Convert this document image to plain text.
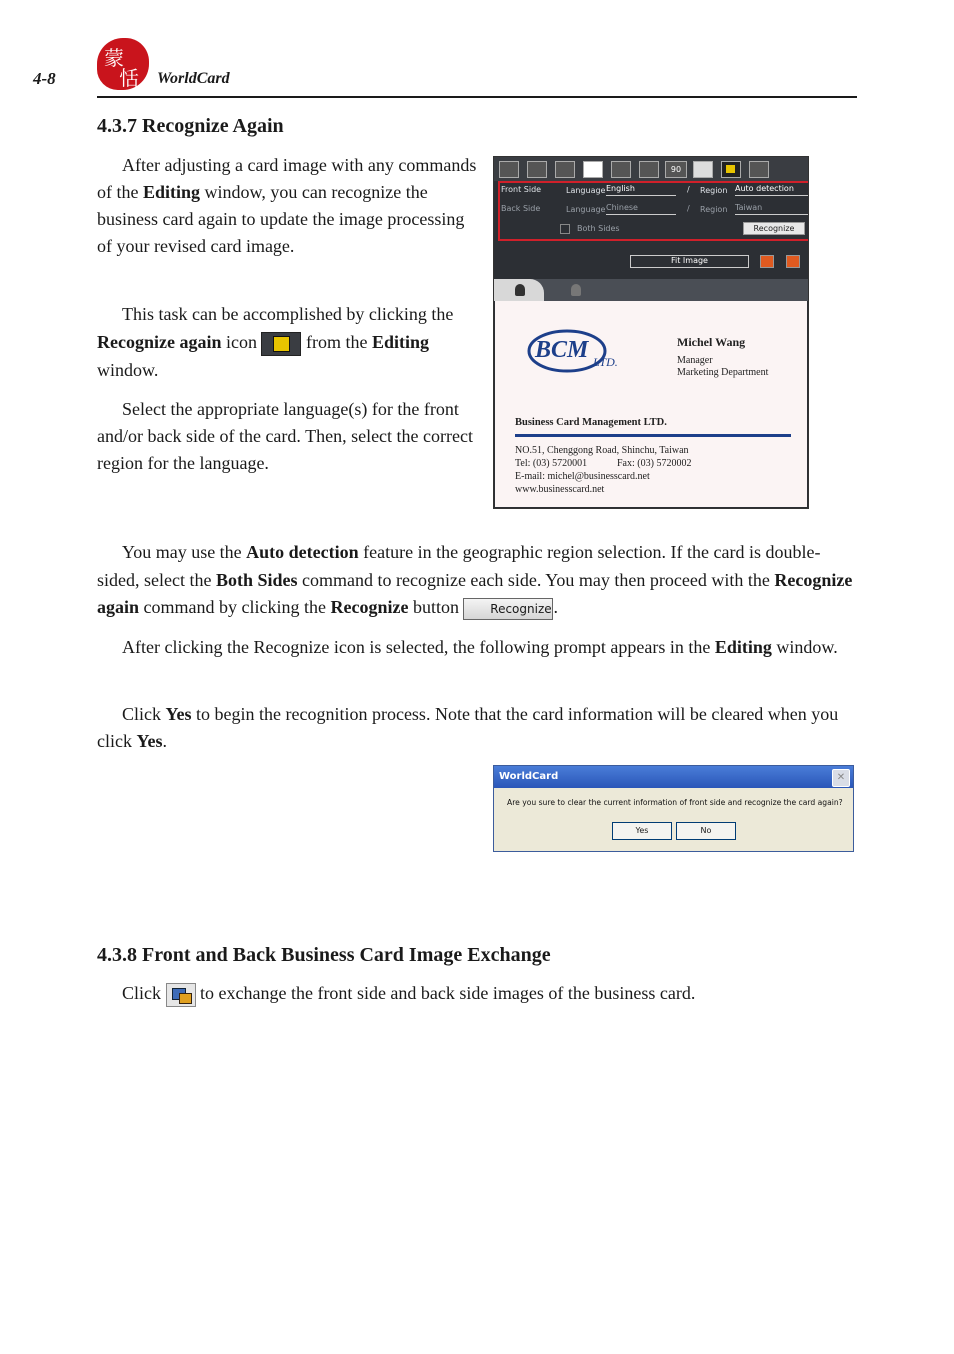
4-8
蒙
恬 WorldCard
4.3.7 Recognize Again

After adjusting a card image with any commands of the Editing window, you can recognize the business card again to update the image processing of your revised card image.

This task can be accomplished by clicking the Recognize again icon
from the Editing window.

Select the appropriate language(s) for the front and/or back side of the card. Then, select the correct region for the language.

90
Front Side	Language English	/ Region Auto detection
Back Side	Language Chinese	/ Region Taiwan
Both Sides	Recognize
Fit Image
BCM LTD.
Michel Wang
Manager
Marketing Department
Business Card Management LTD.
NO.51, Chenggong Road, Shinchu, Taiwan
Tel: (03) 5720001	Fax: (03) 5720002
E-mail: michel@businesscard.net
www.businesscard.net

You may use the Auto detection feature in the geographic region selection. If the card is double-sided, select the Both Sides command to recognize each side. You may then proceed with the Recognize again command by clicking the Recognize button	Recognize .

After clicking the Recognize icon is selected, the following prompt appears in the Editing window.

Click Yes to begin the recognition process. Note that the card information will be cleared when you click Yes.

WorldCard	✕
Are you sure to clear the current information of front side and recognize the card again?
Yes	No
4.3.8 Front and Back Business Card Image Exchange

Click
to exchange the front side and back side images of the business card.
